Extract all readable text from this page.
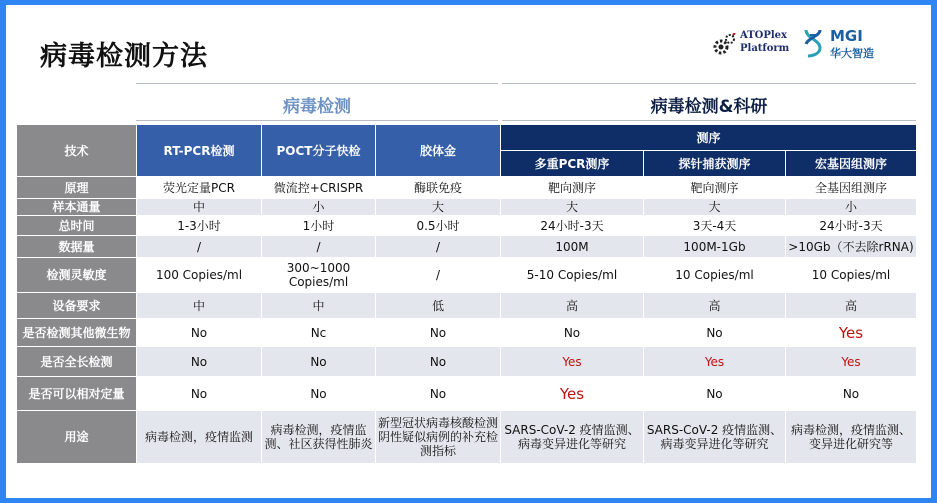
病毒检测方法
ATOPlex
Platform
MGI
华大智造
病毒检测	病毒检测&科研
技术	RT-PCR检测	POCT分子快检	胶体金	测序		
				多重PCR测序	探针捕获测序	宏基因组测序
原理	荧光定量PCR	微流控+CRISPR	酶联免疫	靶向测序	靶向测序	全基因组测序
样本通量	中	小	大	大	大	小
总时间	1-3小时	1小时	0.5小时	24小时-3天	3天-4天	24小时-3天
数据量	/	/	/	100M	100M-1Gb	>10Gb（不去除rRNA)
检测灵敏度	100 Copies/ml	300~1000 Copies/ml	/	5-10 Copies/ml	10 Copies/ml	10 Copies/ml
设备要求	中	中	低	高	高	高
是否检测其他微生物	No	Nc	No	No	No	Yes
是否全长检测	No	No	No	Yes	Yes	Yes
是否可以相对定量	No	No	No	Yes	No	No
用途	病毒检测，疫情监测	病毒检测，疫情监测、社区获得性肺炎	新型冠状病毒核酸检测阴性疑似病例的补充检测指标	SARS-CoV-2 疫情监测、病毒变异进化等研究	SARS-CoV-2 疫情监测、病毒变异进化等研究	病毒检测，疫情监测、变异进化研究等
